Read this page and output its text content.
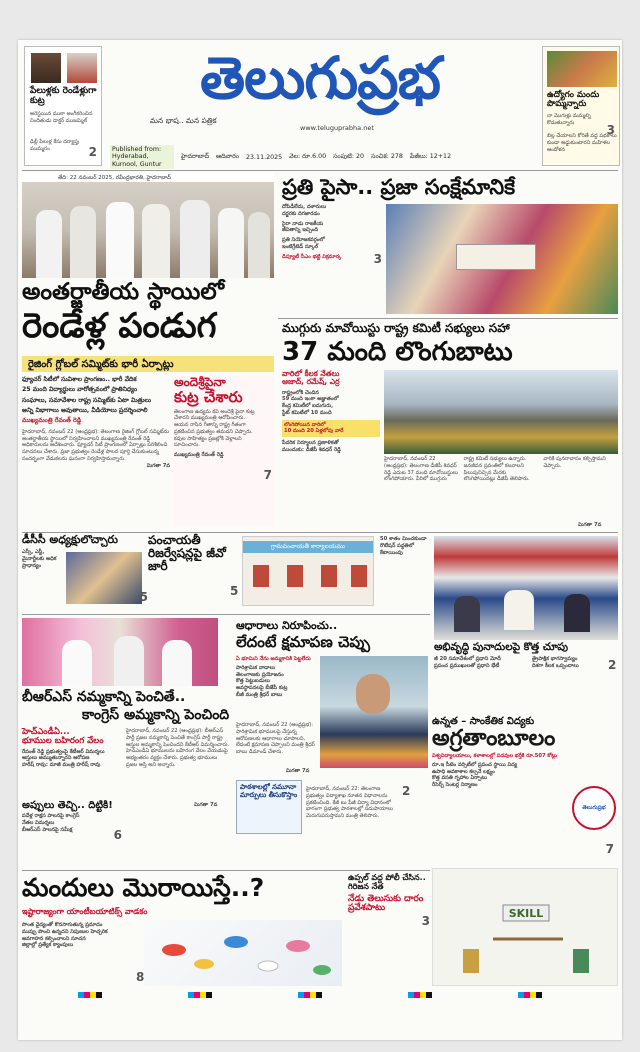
పేలుళ్లకు రెండేళ్లుగా కుట్ర
అరెస్టయిన ముఠా అంగీకరించిన నిందితుడు డాక్టర్ ముజమ్మిల్
ఢిల్లీ పేలుళ్ల కేసు దర్యాప్తు ముమ్మరం	2
తెలుగుప్రభ
మన భాష.. మన పత్రిక
www.teluguprabha.net
ఉద్యోగం మందు పొమ్మన్నారు
నా మొగుళ్లు మమ్మల్ని కొడుతున్నారు
బిల్ల చేయాలని కోరితే వద్ద పథకాలు కుండా అడ్డుకుంటారని మహిళల ఆందోళన
3
Published from:
Hyderabad, Kurnool, Guntur
హైదరాబాద్ ఆదివారం 23.11.2025 వెల: రూ.6.00 సంపుటి: 20 సంచిక: 278 పేజీలు: 12+12
తేది: 22 నవంబర్ 2025, రవీంద్రభారతి, హైదరాబాద్
అంతర్జాతీయ స్థాయిలో
రెండేళ్ల పండుగ
రైజింగ్ గ్లోబల్ సమ్మిట్‌కు భారీ ఏర్పాట్లు
ఫ్యూచర్ సిటీలో సువిశాల ప్రాంగణం.. భారీ వేదిక
25 మంది విద్యార్థులు వారోత్సవంలో ప్రాతినిధ్యం
సంఘాలు, సమావేశాల రాష్ట్ర సమ్మిట్‌కు ఏటా మిత్రులు
అన్ని విభాగాలు అవుతాయి, వీడియోలు ప్రదర్శించాలి
ముఖ్యమంత్రి రేవంత్ రెడ్డి
హైదరాబాద్, నవంబర్ 22 (ఆంధ్రప్రభ): తెలంగాణ రైజింగ్ గ్లోబల్ సమ్మిట్‌ను అంతర్జాతీయ స్థాయిలో నిర్వహించాలని ముఖ్యమంత్రి రేవంత్ రెడ్డి అధికారులను ఆదేశించారు. ఫ్యూచర్ సిటీ ప్రాంగణంలో ఏర్పాట్లు పరిశీలించి సూచనలు చేశారు. ప్రజా ప్రభుత్వం రెండేళ్ల పాలన పూర్తి చేసుకుంటున్న సందర్భంగా వేడుకలను ఘనంగా నిర్వహిస్తామన్నారు.
మిగతా 7వ
అందెశ్రీపైనా
కుట్ర చేశారు
తెలంగాణ ఉద్యమ కవి అందెశ్రీ పైనా కుట్ర చేశారని ముఖ్యమంత్రి ఆరోపించారు. ఆయన రాసిన గీతాన్ని రాష్ట్ర గీతంగా ప్రకటించిన ప్రభుత్వం తమదని చెప్పారు. కవుల సాహిత్యం ప్రజల్లోకి వెళ్లాలని సూచించారు.
ముఖ్యమంత్రి రేవంత్ రెడ్డి
7
ప్రతి పైసా.. ప్రజా సంక్షేమానికే
దోపిడీలేదు, దళారులు
దర్జరకు దిగజారడం
సైరా నాడు రాజకీయ
జీవితాన్ని ఇచ్చింది
ప్రతి నియోజకవర్గంలో
ఇంటిగ్రేటెడ్ స్కూల్
డిప్యూటీ సీఎం భట్టి విక్రమార్క	3
ముగ్గురు మావోయిస్టు రాష్ట్ర కమిటీ సభ్యులు సహా
37 మంది లొంగుబాటు
వారిలో కీలక నేతలు
ఆజాద్, రమేష్, ఎర్ర
రాష్ట్రంలోకి చెందిన
59 మంది ఇంకా అజ్ఞాతంలో
కేంద్ర కమిటీలో ఐదుగురు,
స్టేట్ కమిటీలో 10 మంది
లొంగిపోయిన వారిలో
10 మంది 20 ఏళ్లలోపు వారే
పేదరిక నిర్మూలన ప్రణాళికతో
ముందుకు: డీజీపీ శివధర్ రెడ్డి
హైదరాబాద్, నవంబర్ 22 (ఆంధ్రప్రభ): తెలంగాణ డీజీపీ శివధర్ రెడ్డి ఎదుట 37 మంది మావోయిస్టులు లొంగిపోయారు. వీరిలో ముగ్గురు రాష్ట్ర కమిటీ సభ్యులు ఉన్నారు. జనజీవన స్రవంతిలో కలవాలని పిలుపునిచ్చిన మేరకు లొంగిపోయినట్లు డీజీపీ తెలిపారు. వారికి పునరావాసం కల్పిస్తామని చెప్పారు.
మిగతా 7వ
డీసీసీ అధ్యక్షులొచ్చారు
ఎస్సీ, ఎస్టీ, మైనార్టీలకు అధిక ప్రాధాన్యం
5
పంచాయతీ రిజర్వేషన్లపై జీవో జారీ
గ్రామపంచాయతీ కార్యాలయము
50 శాతం మించకుండా
రొటేషన్ పద్ధతిలో
కేటాయింపు
5
అభివృద్ధి పునాదులపై కొత్త చూపు
జీ 20 సమావేశంలో ప్రధాని మోదీ
ప్రపంచ ప్రముఖులతో ప్రధాని భేటీ
త్రైపాక్షిక భాగస్వామ్యం
దిశగా కీలక ఒప్పందాలు	2
బీఆర్ఎస్ నమ్మకాన్ని పెంచితే..
కాంగ్రెస్ అమ్మకాన్ని పెంచింది
హెచ్ఎండీఏ...
భూముల బహిరంగ వేలం
రేవంత్ రెడ్డి ప్రభుత్వంపై కేటీఆర్ విమర్శలు
ఆస్తులు అమ్ముతున్నారని ఆరోపణ
హరీష్ రావు: మాజీ మంత్రి హరీష్ రావు
హైదరాబాద్, నవంబర్ 22 (ఆంధ్రప్రభ): బీఆర్ఎస్ పార్టీ ప్రజల నమ్మకాన్ని పెంచితే కాంగ్రెస్ పార్టీ రాష్ట్ర ఆస్తుల అమ్మకాన్ని పెంచిందని కేటీఆర్ విమర్శించారు. హెచ్ఎండీఏ భూములను బహిరంగ వేలం వేయడంపై అభ్యంతరం వ్యక్తం చేశారు. ప్రభుత్వ భూములు ప్రజల ఆస్తి అని అన్నారు.
మిగతా 7వ
అప్పులు తెచ్చి.. దిట్టికి!
పదేళ్ల రాక్షస పాలనపై కాంగ్రెస్ నేతల విమర్శలు
బీఆర్ఎస్ పాలనపై సమీక్ష	6
ఆధారాలు నిరూపించు..
లేదంటే క్షమాపణ చెప్పు
ఏ భూమిని నేను అమ్మకానికి పెట్టలేదు
పారిశ్రామిక వాడాలు
తెలంగాణకు ప్రయోజనం
కొత్త పెట్టుబడులు
అవస్థాపనలపై బీజేపీ కుట్ర
బీజీ మంత్రి శ్రీధర్ బాబు
హైదరాబాద్, నవంబర్ 22 (ఆంధ్రప్రభ): పారిశ్రామిక భూములపై చేస్తున్న ఆరోపణలకు ఆధారాలు చూపాలని, లేదంటే క్షమాపణ చెప్పాలని మంత్రి శ్రీధర్ బాబు డిమాండ్ చేశారు.
మిగతా 7వ
పాఠశాలల్లో నమూనా మార్పులు తీసుకొస్తాం	2
హైదరాబాద్, నవంబర్ 22: తెలంగాణ ప్రభుత్వం విద్యాశాఖ నూతన విధానాలను ప్రకటించింది. కేజీ టు పీజీ విద్యా విధానంలో భాగంగా ప్రభుత్వ పాఠశాలల్లో సదుపాయాలు మెరుగుపరుస్తామని మంత్రి తెలిపారు.
ఉన్నత – సాంకేతిక విద్యకు
అగ్రతాంబూలం
విశ్వవిద్యాలయాలు, కళాశాలల్లో పదవుల భర్తీకి రూ.507 కోట్లు
రూ.ఇ సీటెం వర్సిటీలో ప్రపంచ స్థాయి విద్య
ఉపాధి అవకాశాల కల్పనే లక్ష్యం
కొత్త వసతి గృహాల ఏర్పాటు
రీసెర్చ్ సెంటర్ల నిర్మాణం
తెలుగుప్రభ
7
SKILL
మందులు మొరాయిస్తే..?
ఇష్టారాజ్యంగా యాంటీబయాటిక్స్ వాడకం
సొంత వైద్యంతో కొనసాగుతున్న ప్రమాదం
ముప్పు పొంచి ఉన్నదని నిపుణుల హెచ్చరిక
అవగాహన కల్పించాలని సూచన
జిల్లాల్లో ప్రత్యేక క్యాంపులు
8
ఉప్పల్ వద్ద పోలీ చేసిన.. గిరిజన నేత
నేడు తెలుసుకు దారం ప్రవేశపాటు
3
